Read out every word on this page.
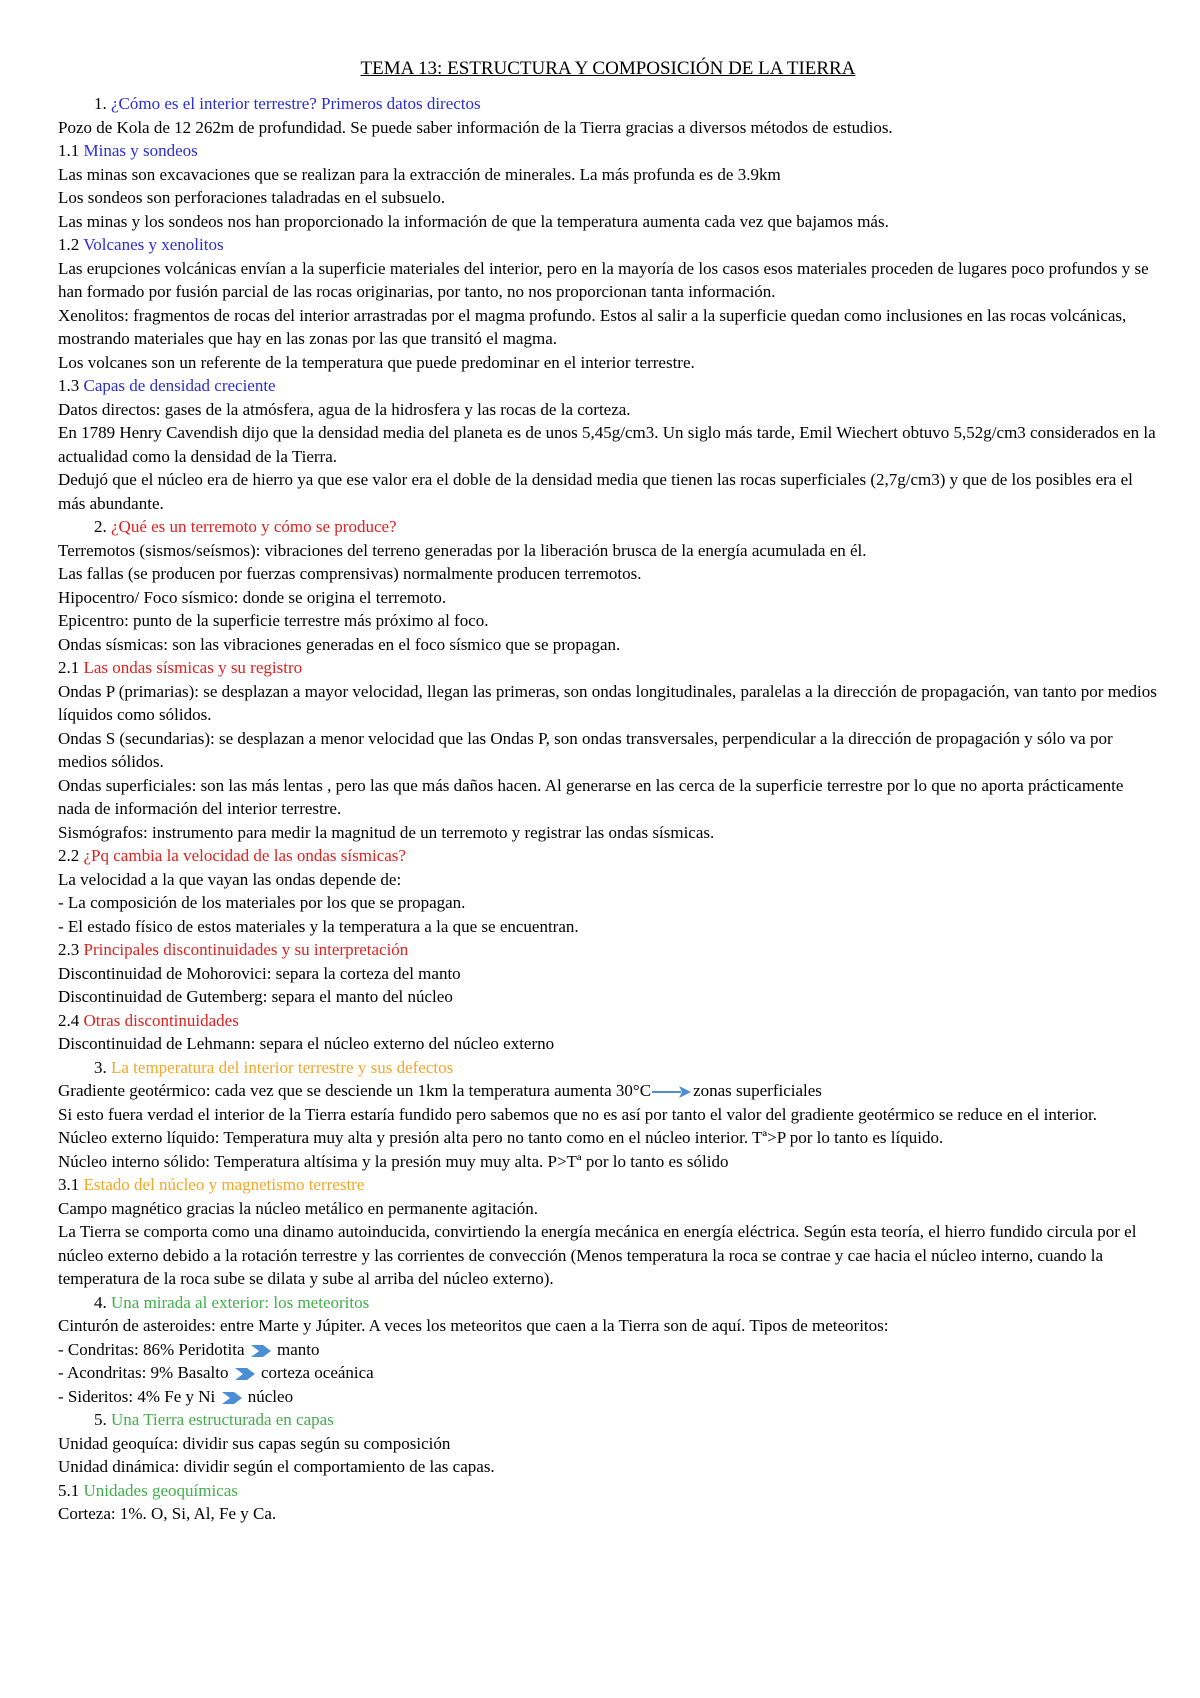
TEMA 13: ESTRUCTURA Y COMPOSICIÓN DE LA TIERRA

1. ¿Cómo es el interior terrestre? Primeros datos directos

Pozo de Kola de 12 262m de profundidad. Se puede saber información de la Tierra gracias a diversos métodos de estudios.

1.1 Minas y sondeos

Las minas son excavaciones que se realizan para la extracción de minerales. La más profunda es de 3.9km

Los sondeos son perforaciones taladradas en el subsuelo.

Las minas y los sondeos nos han proporcionado la información de que la temperatura aumenta cada vez que bajamos más.

1.2 Volcanes y xenolitos

Las erupciones volcánicas envían a la superficie materiales del interior, pero en la mayoría de los casos esos materiales proceden de lugares poco profundos y se han formado por fusión parcial de las rocas originarias, por tanto, no nos proporcionan tanta información.

Xenolitos: fragmentos de rocas del interior arrastradas por el magma profundo. Estos al salir a la superficie quedan como inclusiones en las rocas volcánicas, mostrando materiales que hay en las zonas por las que transitó el magma.

Los volcanes son un referente de la temperatura que puede predominar en el interior terrestre.

1.3 Capas de densidad creciente

Datos directos: gases de la atmósfera, agua de la hidrosfera y las rocas de la corteza.

En 1789 Henry Cavendish dijo que la densidad media del planeta es de unos 5,45g/cm3. Un siglo más tarde, Emil Wiechert obtuvo 5,52g/cm3 considerados en la actualidad como la densidad de la Tierra.

Dedujó que el núcleo era de hierro ya que ese valor era el doble de la densidad media que tienen las rocas superficiales (2,7g/cm3) y que de los posibles era el más abundante.

2. ¿Qué es un terremoto y cómo se produce?

Terremotos (sismos/seísmos): vibraciones del terreno generadas por la liberación brusca de la energía acumulada en él.

Las fallas (se producen por fuerzas comprensivas) normalmente producen terremotos.

Hipocentro/ Foco sísmico: donde se origina el terremoto.

Epicentro: punto de la superficie terrestre más próximo al foco.

Ondas sísmicas: son las vibraciones generadas en el foco sísmico que se propagan.

2.1 Las ondas sísmicas y su registro

Ondas P (primarias): se desplazan a mayor velocidad, llegan las primeras, son ondas longitudinales, paralelas a la dirección de propagación, van tanto por medios líquidos como sólidos.

Ondas S (secundarias): se desplazan a menor velocidad que las Ondas P, son ondas transversales, perpendicular a la dirección de propagación y sólo va por medios sólidos.

Ondas superficiales: son las más lentas , pero las que más daños hacen. Al generarse en las cerca de la superficie terrestre por lo que no aporta prácticamente nada de información del interior terrestre.

Sismógrafos: instrumento para medir la magnitud de un terremoto y registrar las ondas sísmicas.

2.2 ¿Pq cambia la velocidad de las ondas sísmicas?

La velocidad a la que vayan las ondas depende de:

- La composición de los materiales por los que se propagan.

- El estado físico de estos materiales y la temperatura a la que se encuentran.

2.3 Principales discontinuidades y su interpretación

Discontinuidad de Mohorovici: separa la corteza del manto

Discontinuidad de Gutemberg: separa el manto del núcleo

2.4 Otras discontinuidades

Discontinuidad de Lehmann: separa el núcleo externo del núcleo externo

3. La temperatura del interior terrestre y sus defectos

Gradiente geotérmico: cada vez que se desciende un 1km la temperatura aumenta 30°C zonas superficiales

Si esto fuera verdad el interior de la Tierra estaría fundido pero sabemos que no es así por tanto el valor del gradiente geotérmico se reduce en el interior.

Núcleo externo líquido: Temperatura muy alta y presión alta pero no tanto como en el núcleo interior. Tª>P por lo tanto es líquido.

Núcleo interno sólido: Temperatura altísima y la presión muy muy alta. P>Tª por lo tanto es sólido

3.1 Estado del núcleo y magnetismo terrestre

Campo magnético gracias la núcleo metálico en permanente agitación.

La Tierra se comporta como una dinamo autoinducida, convirtiendo la energía mecánica en energía eléctrica. Según esta teoría, el hierro fundido circula por el núcleo externo debido a la rotación terrestre y las corrientes de convección (Menos temperatura la roca se contrae y cae hacia el núcleo interno, cuando la temperatura de la roca sube se dilata y sube al arriba del núcleo externo).

4. Una mirada al exterior: los meteoritos

Cinturón de asteroides: entre Marte y Júpiter. A veces los meteoritos que caen a la Tierra son de aquí. Tipos de meteoritos:

- Condritas: 86% Peridotita manto

- Acondritas: 9% Basalto corteza oceánica

- Sideritos: 4% Fe y Ni núcleo

5. Una Tierra estructurada en capas

Unidad geoquíca: dividir sus capas según su composición

Unidad dinámica: dividir según el comportamiento de las capas.

5.1 Unidades geoquímicas

Corteza: 1%. O, Si, Al, Fe y Ca.
